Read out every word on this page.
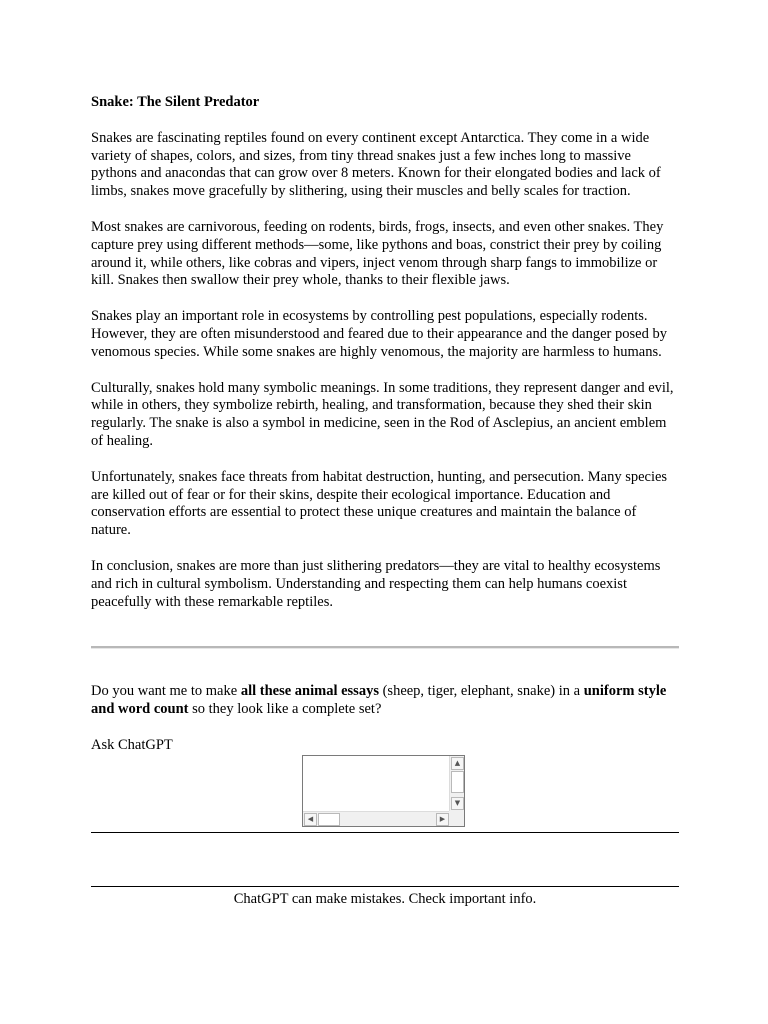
Snake: The Silent Predator

Snakes are fascinating reptiles found on every continent except Antarctica. They come in a wide variety of shapes, colors, and sizes, from tiny thread snakes just a few inches long to massive pythons and anacondas that can grow over 8 meters. Known for their elongated bodies and lack of limbs, snakes move gracefully by slithering, using their muscles and belly scales for traction.

Most snakes are carnivorous, feeding on rodents, birds, frogs, insects, and even other snakes. They capture prey using different methods—some, like pythons and boas, constrict their prey by coiling around it, while others, like cobras and vipers, inject venom through sharp fangs to immobilize or kill. Snakes then swallow their prey whole, thanks to their flexible jaws.

Snakes play an important role in ecosystems by controlling pest populations, especially rodents. However, they are often misunderstood and feared due to their appearance and the danger posed by venomous species. While some snakes are highly venomous, the majority are harmless to humans.

Culturally, snakes hold many symbolic meanings. In some traditions, they represent danger and evil, while in others, they symbolize rebirth, healing, and transformation, because they shed their skin regularly. The snake is also a symbol in medicine, seen in the Rod of Asclepius, an ancient emblem of healing.

Unfortunately, snakes face threats from habitat destruction, hunting, and persecution. Many species are killed out of fear or for their skins, despite their ecological importance. Education and conservation efforts are essential to protect these unique creatures and maintain the balance of nature.

In conclusion, snakes are more than just slithering predators—they are vital to healthy ecosystems and rich in cultural symbolism. Understanding and respecting them can help humans coexist peacefully with these remarkable reptiles.

Do you want me to make all these animal essays (sheep, tiger, elephant, snake) in a uniform style and word count so they look like a complete set?
Ask ChatGPT
▲
▼
◀	▶
ChatGPT can make mistakes. Check important info.
